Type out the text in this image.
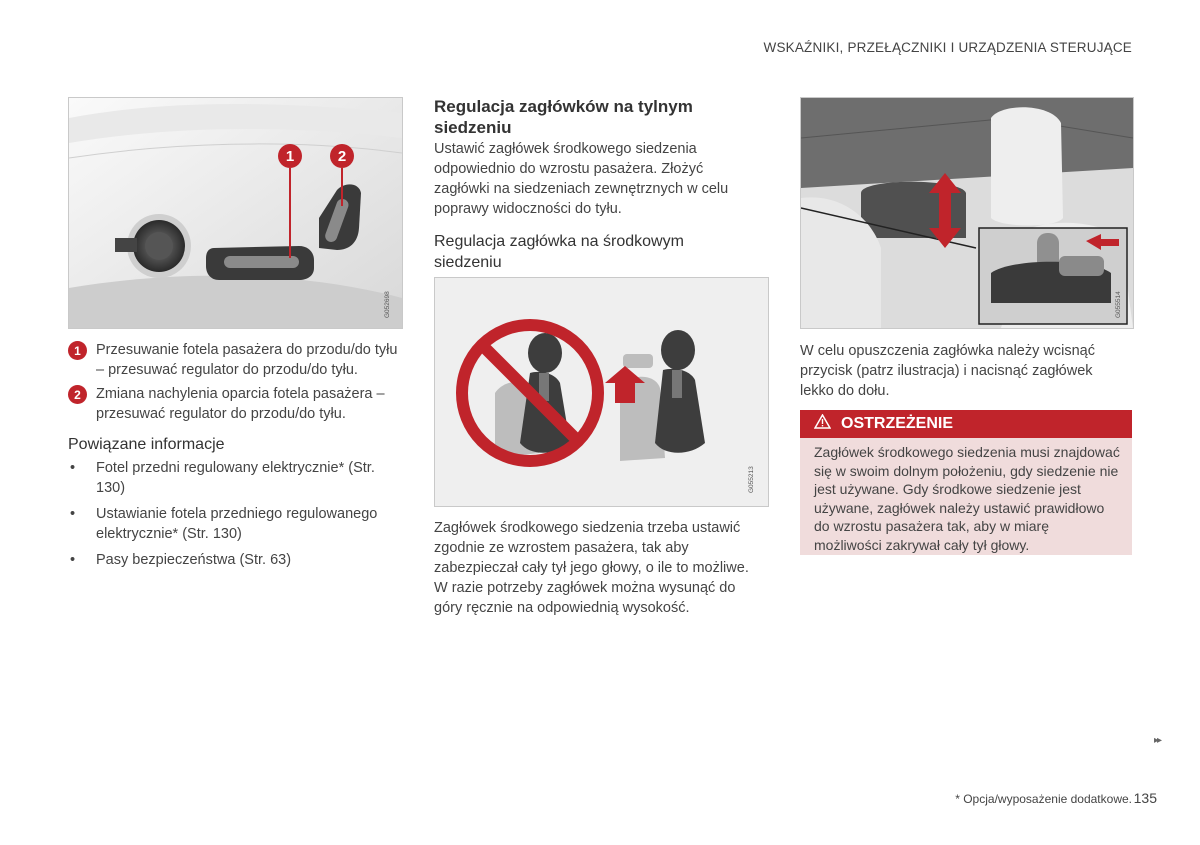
WSKAŹNIKI, PRZEŁĄCZNIKI I URZĄDZENIA STERUJĄCE
1	2
G052698
1	Przesuwanie fotela pasażera do przodu/do tyłu – przesuwać regulator do przodu/do tyłu.
2	Zmiana nachylenia oparcia fotela pasażera – przesuwać regulator do przodu/do tyłu.
Powiązane informacje
• Fotel przedni regulowany elektrycznie* (Str. 130)
• Ustawianie fotela przedniego regulowanego elektrycznie* (Str. 130)
• Pasy bezpieczeństwa (Str. 63)
Regulacja zagłówków na tylnym siedzeniu
Ustawić zagłówek środkowego siedzenia odpowiednio do wzrostu pasażera. Złożyć zagłówki na siedzeniach zewnętrznych w celu poprawy widoczności do tyłu.
Regulacja zagłówka na środkowym siedzeniu
G055213
Zagłówek środkowego siedzenia trzeba ustawić zgodnie ze wzrostem pasażera, tak aby zabezpieczał cały tył jego głowy, o ile to możliwe. W razie potrzeby zagłówek można wysunąć do góry ręcznie na odpowiednią wysokość.
G055514
W celu opuszczenia zagłówka należy wcisnąć przycisk (patrz ilustracja) i nacisnąć zagłówek lekko do dołu.
OSTRZEŻENIE
Zagłówek środkowego siedzenia musi znajdować się w swoim dolnym położeniu, gdy siedzenie nie jest używane. Gdy środkowe siedzenie jest używane, zagłówek należy ustawić prawidłowo do wzrostu pasażera tak, aby w miarę możliwości zakrywał cały tył głowy.
▸▸
* Opcja/wyposażenie dodatkowe. 135
